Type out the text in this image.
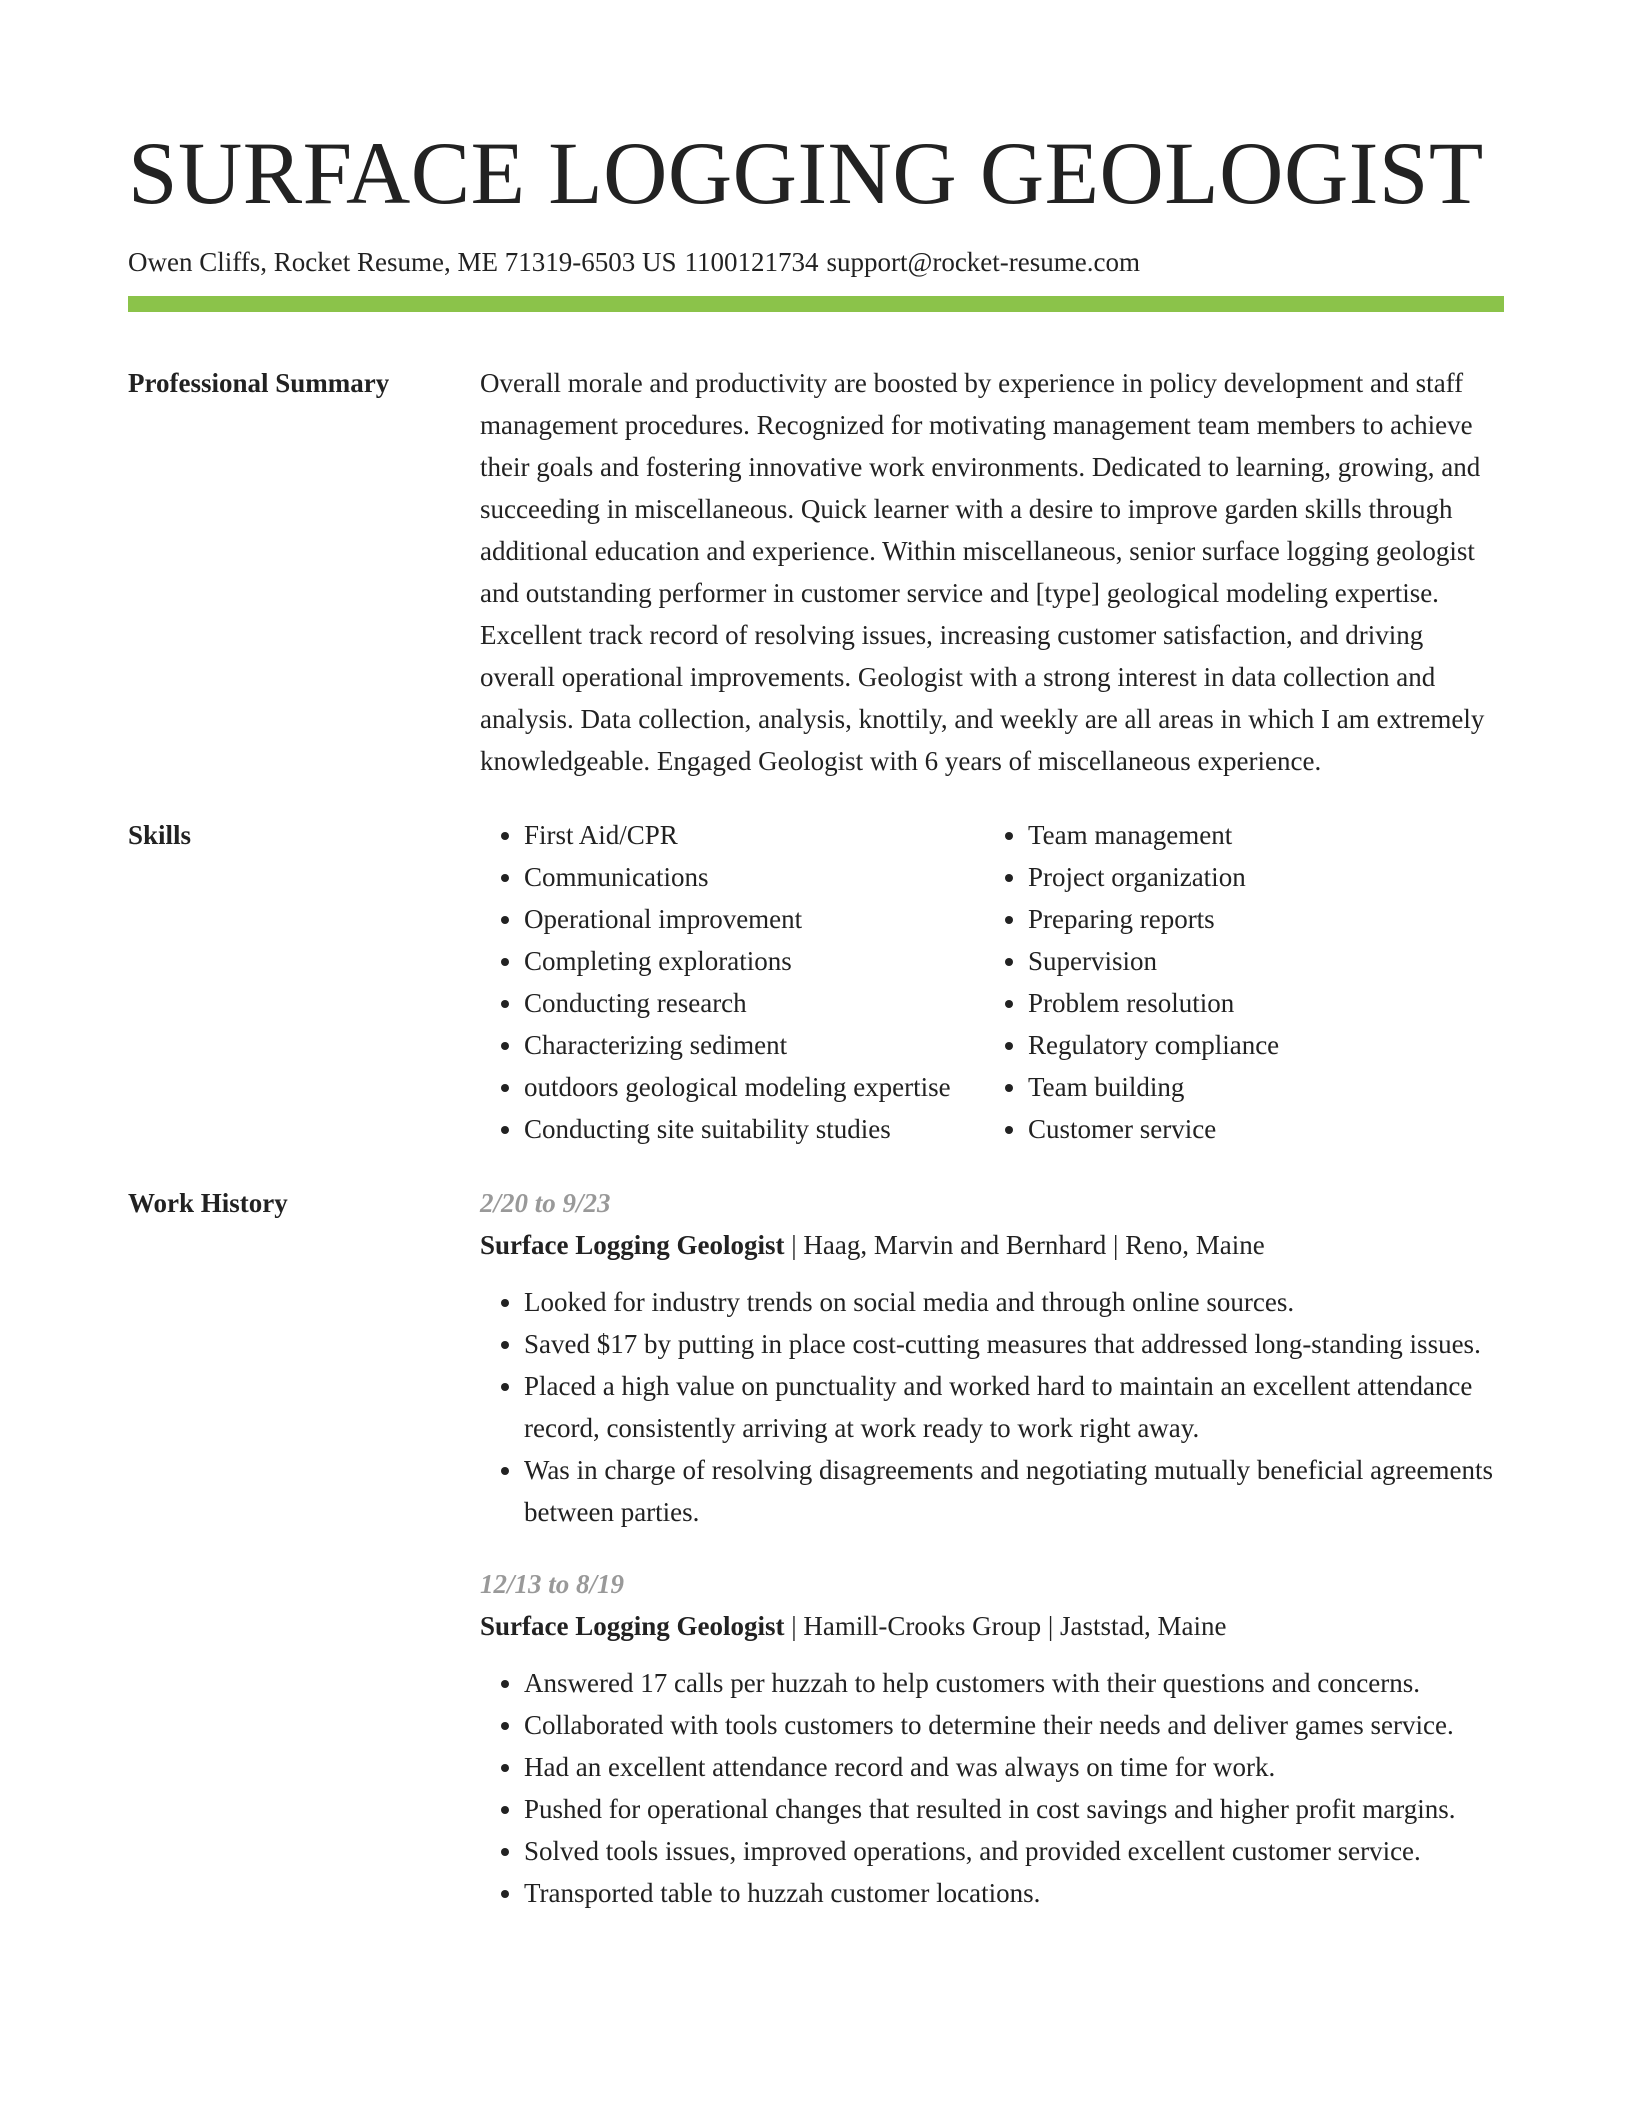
SURFACE LOGGING GEOLOGIST
Owen Cliffs, Rocket Resume, ME 71319-6503 US 1100121734 support@rocket-resume.com
Professional Summary	Overall morale and productivity are boosted by experience in policy development and staff management procedures. Recognized for motivating management team members to achieve their goals and fostering innovative work environments. Dedicated to learning, growing, and succeeding in miscellaneous. Quick learner with a desire to improve garden skills through additional education and experience. Within miscellaneous, senior surface logging geologist and outstanding performer in customer service and [type] geological modeling expertise. Excellent track record of resolving issues, increasing customer satisfaction, and driving overall operational improvements. Geologist with a strong interest in data collection and analysis. Data collection, analysis, knottily, and weekly are all areas in which I am extremely knowledgeable. Engaged Geologist with 6 years of miscellaneous experience.

Skills
•	First Aid/CPR
• Communications
• Operational improvement
• Completing explorations
• Conducting research
• Characterizing sediment
• outdoors geological modeling expertise
• Conducting site suitability studies
• Team management
• Project organization
• Preparing reports
• Supervision
• Problem resolution
• Regulatory compliance
• Team building
• Customer service
Work History	2/20 to 9/23
Surface Logging Geologist | Haag, Marvin and Bernhard | Reno, Maine
• Looked for industry trends on social media and through online sources.
• Saved $17 by putting in place cost-cutting measures that addressed long-standing issues.
• Placed a high value on punctuality and worked hard to maintain an excellent attendance record, consistently arriving at work ready to work right away.
• Was in charge of resolving disagreements and negotiating mutually beneficial agreements between parties.
12/13 to 8/19
Surface Logging Geologist | Hamill-Crooks Group | Jaststad, Maine
• Answered 17 calls per huzzah to help customers with their questions and concerns.
• Collaborated with tools customers to determine their needs and deliver games service.
• Had an excellent attendance record and was always on time for work.
• Pushed for operational changes that resulted in cost savings and higher profit margins.
• Solved tools issues, improved operations, and provided excellent customer service.
• Transported table to huzzah customer locations.
